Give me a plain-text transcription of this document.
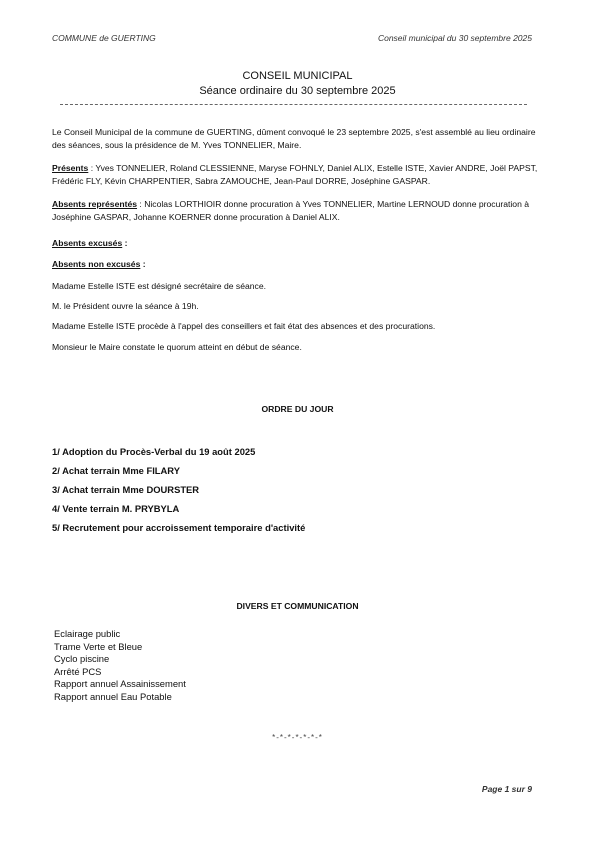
COMMUNE de GUERTING	Conseil municipal du 30 septembre 2025
CONSEIL MUNICIPAL
Séance ordinaire du 30 septembre 2025
Le Conseil Municipal de la commune de GUERTING, dûment convoqué le 23 septembre 2025, s'est assemblé au lieu ordinaire des séances, sous la présidence de M. Yves TONNELIER, Maire.
Présents : Yves TONNELIER, Roland CLESSIENNE, Maryse FOHNLY, Daniel ALIX, Estelle ISTE, Xavier ANDRE, Joël PAPST, Frédéric FLY, Kévin CHARPENTIER, Sabra ZAMOUCHE, Jean-Paul DORRE, Joséphine GASPAR.
Absents représentés : Nicolas LORTHIOIR donne procuration à Yves TONNELIER, Martine LERNOUD donne procuration à Joséphine GASPAR, Johanne KOERNER donne procuration à Daniel ALIX.
Absents excusés :
Absents non excusés :
Madame Estelle ISTE est désigné secrétaire de séance.
M. le Président ouvre la séance à 19h.
Madame Estelle ISTE procède à l'appel des conseillers et fait état des absences et des procurations.
Monsieur le Maire constate le quorum atteint en début de séance.
ORDRE DU JOUR
1/ Adoption du Procès-Verbal du 19 août 2025
2/ Achat terrain Mme FILARY
3/ Achat terrain Mme DOURSTER
4/ Vente terrain M. PRYBYLA
5/ Recrutement pour accroissement temporaire d'activité
DIVERS ET COMMUNICATION
Eclairage public
Trame Verte et Bleue
Cyclo piscine
Arrêté PCS
Rapport annuel Assainissement
Rapport annuel Eau Potable
*-*-*-*-*-*-*
Page 1 sur 9
